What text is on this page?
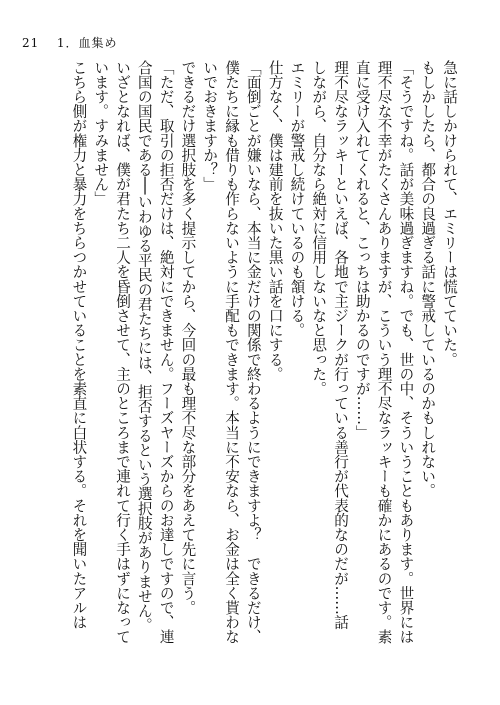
21 1．血集め

急に話しかけられて、エミリーは慌てていた。

もしかしたら、都合の良過ぎる話に警戒しているのかもしれない。

「そうですね。話が美味過ぎますね。でも、世の中、そういうこともあります。世界には

理不尽な不幸がたくさんありますが、こういう理不尽なラッキーも確かにあるのです。素

直に受け入れてくれると、こっちは助かるのですが……」

理不尽なラッキーといえば、各地で主ジークが行っている善行が代表的なのだが……話

しながら、自分なら絶対に信用しないなと思った。

エミリーが警戒し続けているのも頷ける。

仕方なく、僕は建前を抜いた黒い話を口にする。

「面倒ごとが嫌いなら、本当に金だけの関係で終わるようにできますよ？　できるだけ、

僕たちに縁も借りも作らないように手配もできます。本当に不安なら、お金は全く貰わな

いでおきますか？」

できるだけ選択肢を多く提示してから、今回の最も理不尽な部分をあえて先に言う。

「ただ、取引の拒否だけは、絶対にできません。フーズヤーズからのお達しですので、連

合国の国民である──いわゆる平民の君たちには、拒否するという選択肢がありません。

いざとなれば、僕が君たち二人を昏倒させて、主のところまで連れて行く手はずになって

います。すみません」

こちら側が権力と暴力をちらつかせていることを素直に白状する。それを聞いたアルは
